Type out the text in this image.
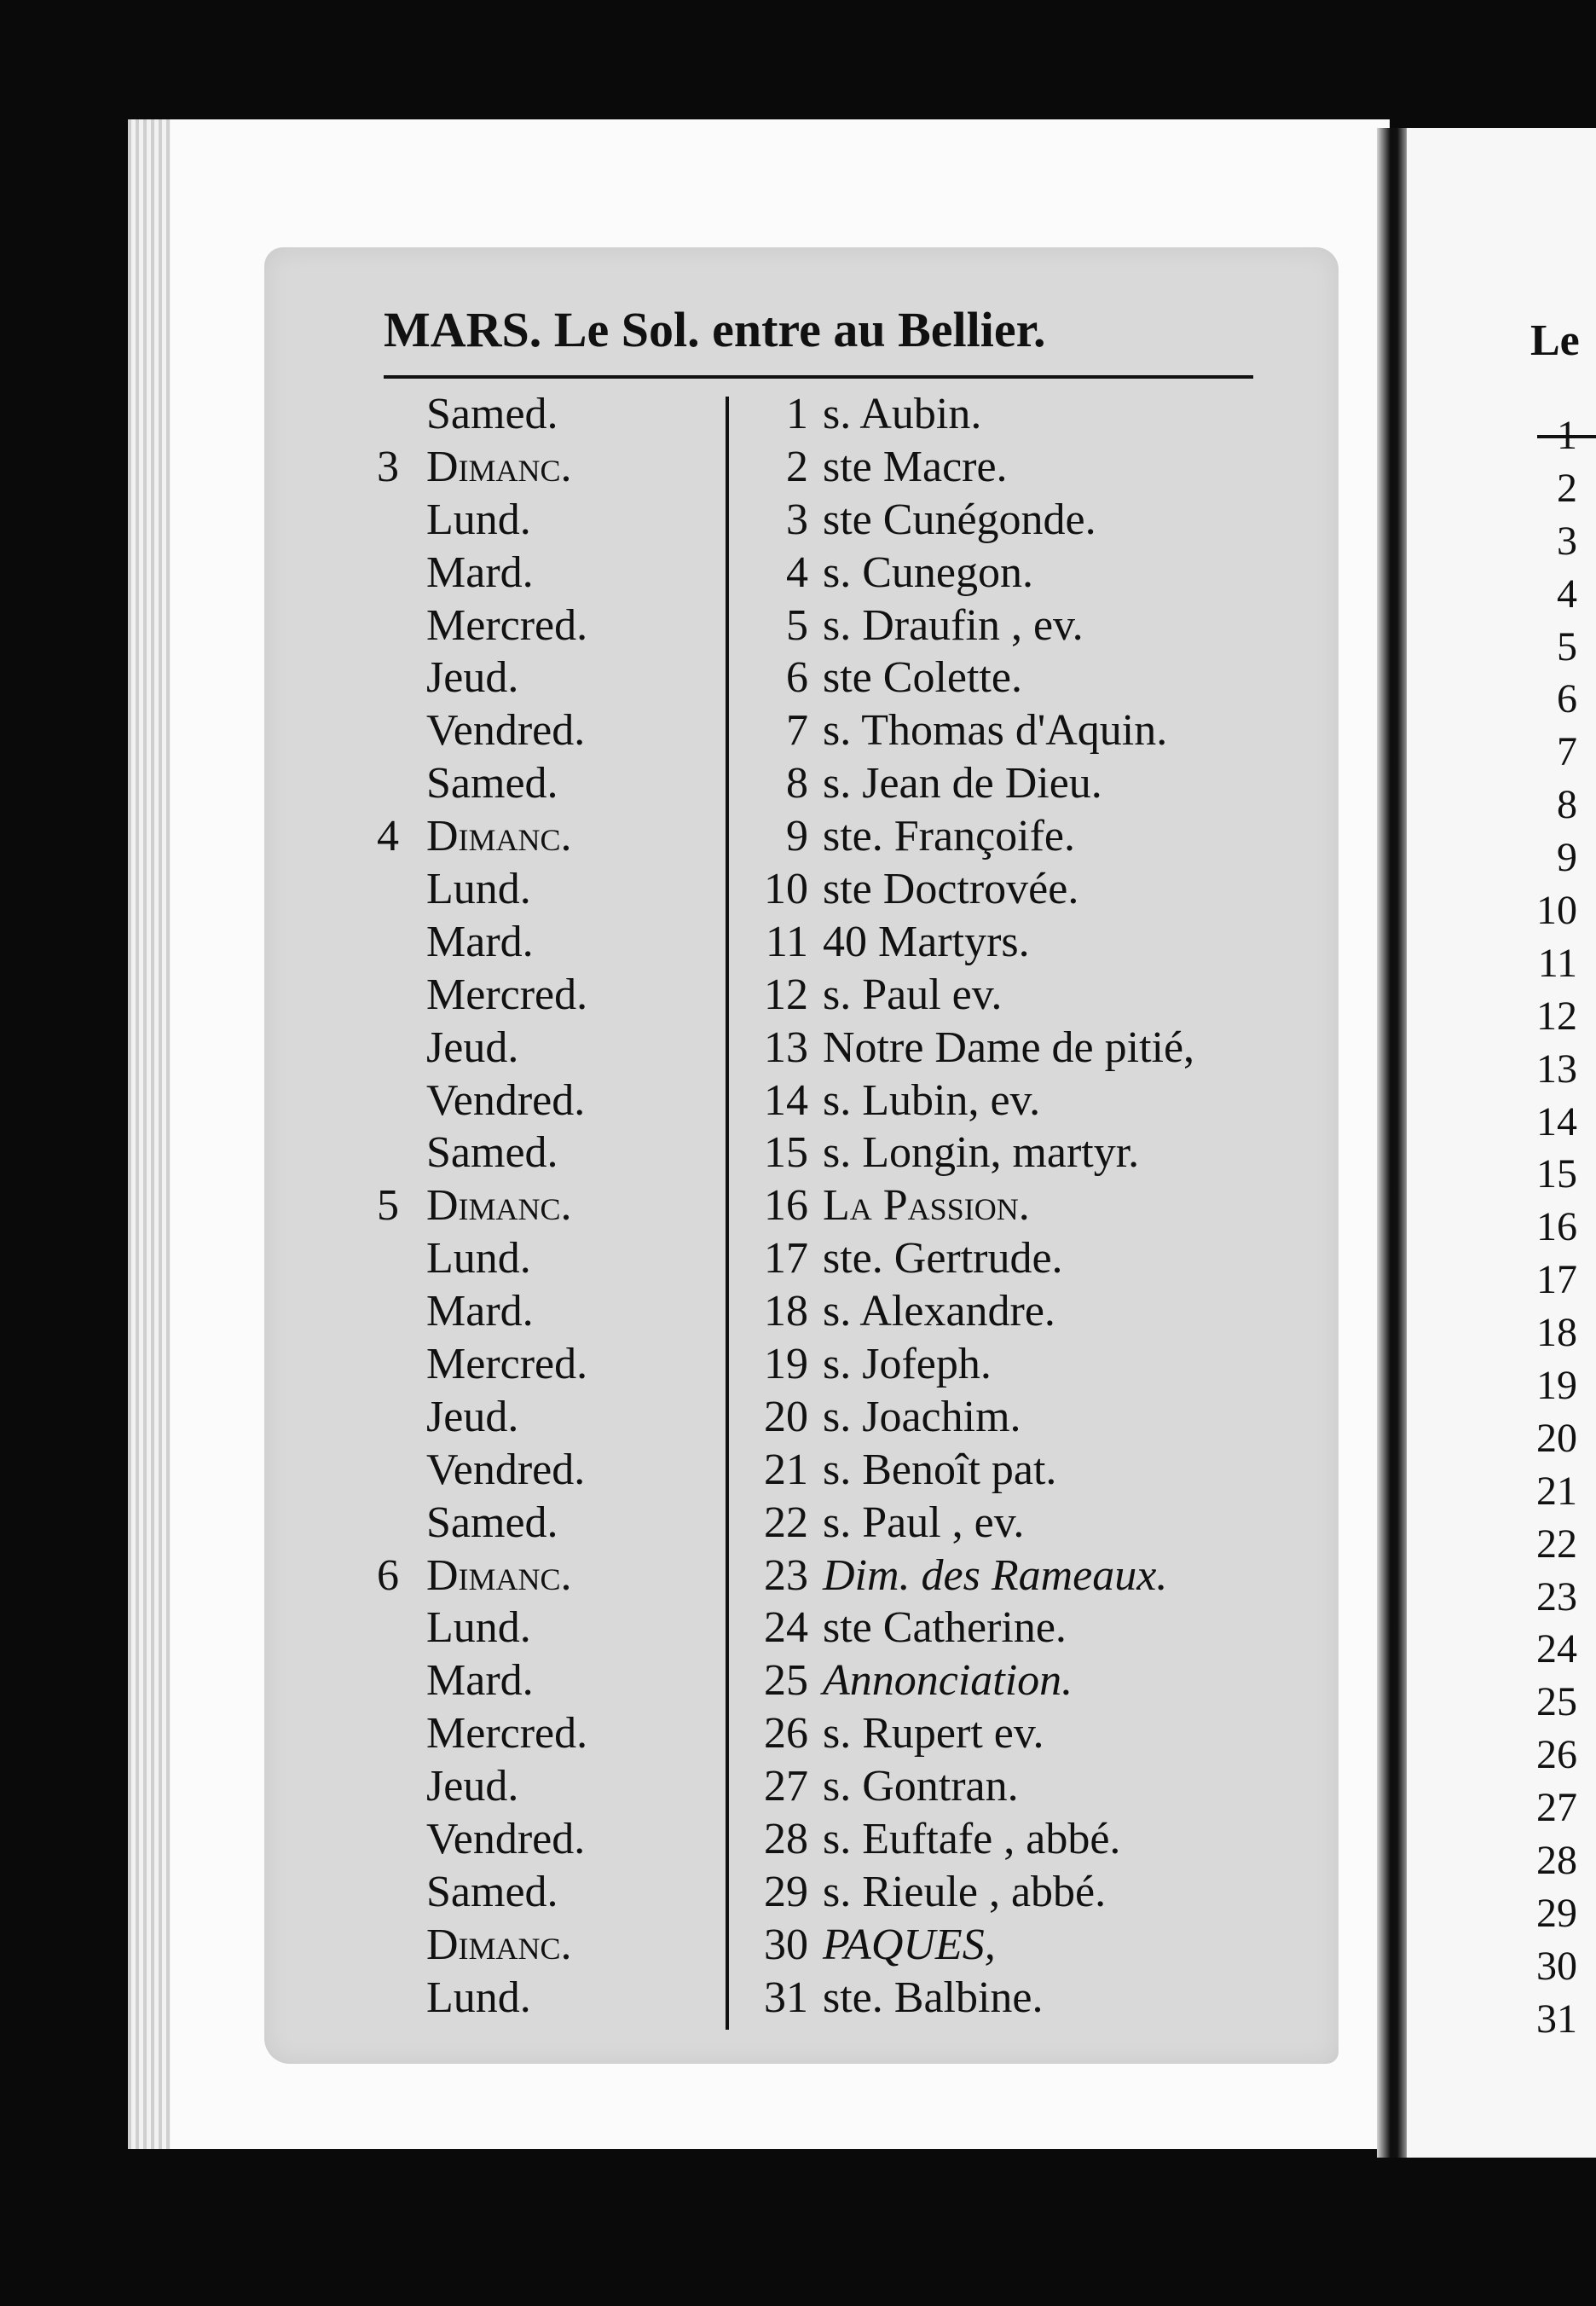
MARS. Le Sol. entre au Bellier.
Samed.	1 s. Aubin.
3 Dimanc.	2 ste Macre.
Lund.	3 ste Cunégonde.
Mard.	4 s. Cunegon.
Mercred.	5 s. Draufin , ev.
Jeud.	6 ste Colette.
Vendred.	7 s. Thomas d'Aquin.
Samed.	8 s. Jean de Dieu.
4 Dimanc.	9 ste. Françoife.
Lund.	10 ste Doctrovée.
Mard.	11 40 Martyrs.
Mercred.	12 s. Paul ev.
Jeud.	13 Notre Dame de pitié,
Vendred.	14 s. Lubin, ev.
Samed.	15 s. Longin, martyr.
5 Dimanc.	16 La Passion.
Lund.	17 ste. Gertrude.
Mard.	18 s. Alexandre.
Mercred.	19 s. Jofeph.
Jeud.	20 s. Joachim.
Vendred.	21 s. Benoît pat.
Samed.	22 s. Paul , ev.
6 Dimanc.	23 Dim. des Rameaux.
Lund.	24 ste Catherine.
Mard.	25 Annonciation.
Mercred.	26 s. Rupert ev.
Jeud.	27 s. Gontran.
Vendred.	28 s. Euftafe , abbé.
Samed.	29 s. Rieule , abbé.
Dimanc.	30 PAQUES,
Lund.	31 ste. Balbine.
Le
1
2
3
4
5
6
7
8
9
10
11
12
13
14
15
16
17
18
19
20
21
22
23
24
25
26
27
28
29
30
31
